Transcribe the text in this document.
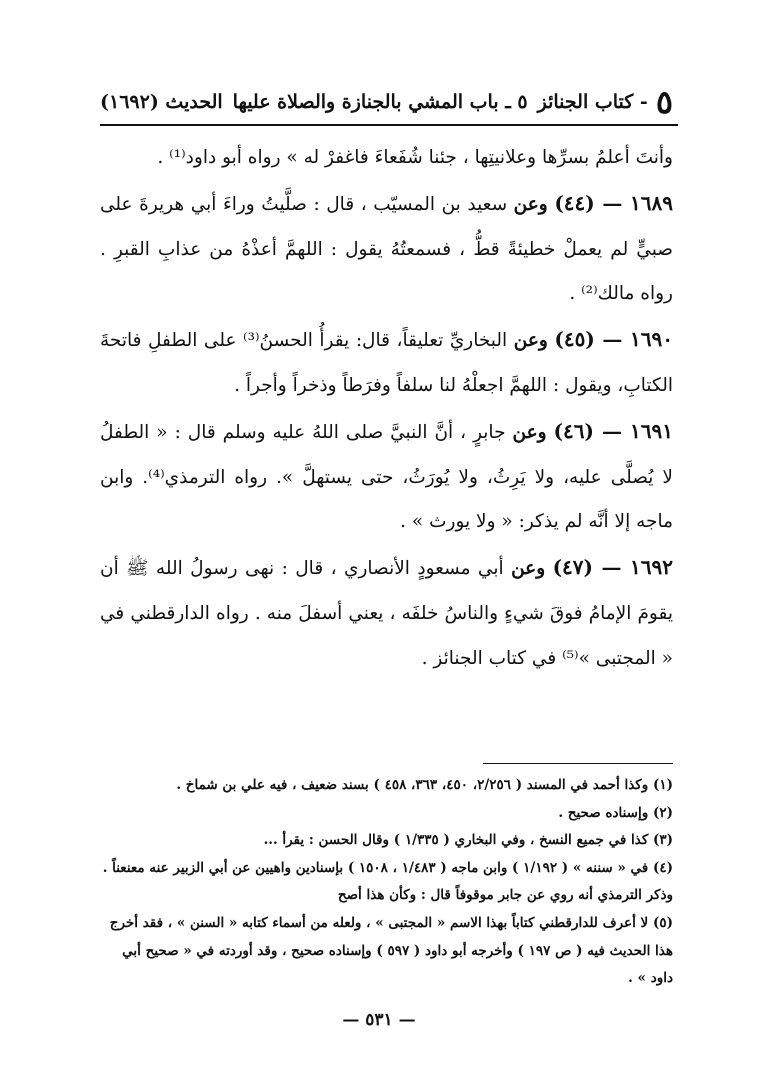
٥
- كتاب الجنائز
٥ ـ باب المشي بالجنازة والصلاة عليها
الحديث (١٦٩٢)

وأنتَ أعلمُ بسرِّها وعلانيتِها ، جئنا شُفَعاءَ فاغفرْ له » رواه أبو داود⁽¹⁾ .

١٦٨٩ — (٤٤) وعن سعيد بن المسيّب ، قال : صلَّيتُ وراءَ أبي هريرةَ على صبيٍّ لم يعملْ خطيئةً قطُّ ، فسمعتُهُ يقول : اللهمَّ أعذْهُ من عذابِ القبرِ . رواه مالك⁽²⁾ .

١٦٩٠ — (٤٥) وعن البخاريِّ تعليقاً، قال: يقرأُ الحسنُ⁽³⁾ على الطفلِ فاتحةَ الكتابِ، ويقول : اللهمَّ اجعلْهُ لنا سلفاً وفرَطاً وذخراً وأجراً .

١٦٩١ — (٤٦) وعن جابرٍ ، أنَّ النبيَّ صلى اللهُ عليه وسلم قال : « الطفلُ لا يُصلَّى عليه، ولا يَرِثُ، ولا يُورَثُ، حتى يستهلَّ ». رواه الترمذي⁽⁴⁾. وابن ماجه إلا أنَّه لم يذكر: « ولا يورث » .

١٦٩٢ — (٤٧) وعن أبي مسعودٍ الأنصاري ، قال : نهى رسولُ الله ﷺ أن يقومَ الإمامُ فوقَ شيءٍ والناسُ خلفَه ، يعني أسفلَ منه . رواه الدارقطني في « المجتبى »⁽⁵⁾ في كتاب الجنائز .

(١) وكذا أحمد في المسند ( ٢/٢٥٦، ٤٥٠، ٣٦٣، ٤٥٨ ) بسند ضعيف ، فيه علي بن شماخ .

(٢) وإسناده صحيح .

(٣) كذا في جميع النسخ ، وفي البخاري ( ١/٣٣٥ ) وقال الحسن : يقرأ ...

(٤) في « سننه » ( ١/١٩٢ ) وابن ماجه ( ١/٤٨٣ ، ١٥٠٨ ) بإسنادين واهيين عن أبي الزبير عنه معنعناً . وذكر الترمذي أنه روي عن جابر موقوفاً قال : وكأن هذا أصح

(٥) لا أعرف للدارقطني كتاباً بهذا الاسم « المجتبى » ، ولعله من أسماء كتابه « السنن » ، فقد أخرج هذا الحديث فيه ( ص ١٩٧ ) وأخرجه أبو داود ( ٥٩٧ ) وإسناده صحيح ، وقد أوردته في « صحيح أبي داود » .

— ٥٣١ —
